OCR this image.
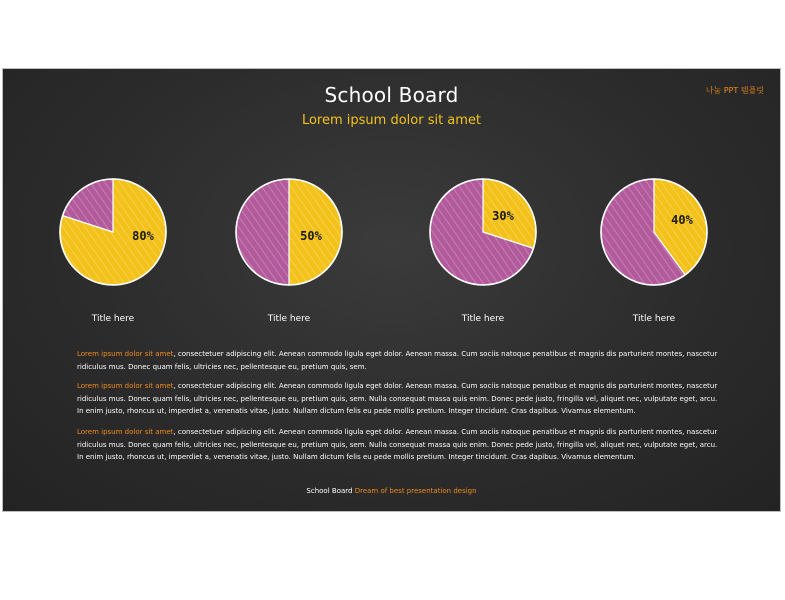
School Board
Lorem ipsum dolor sit amet
나눔 PPT 템플릿
80%	50%
30%	40%
Title here	Title here	Title here	Title here
Lorem ipsum dolor sit amet, consectetuer adipiscing elit. Aenean commodo ligula eget dolor. Aenean massa. Cum sociis natoque penatibus et magnis dis parturient montes, nascetur ridiculus mus. Donec quam felis, ultricies nec, pellentesque eu, pretium quis, sem.
Lorem ipsum dolor sit amet, consectetuer adipiscing elit. Aenean commodo ligula eget dolor. Aenean massa. Cum sociis natoque penatibus et magnis dis parturient montes, nascetur ridiculus mus. Donec quam felis, ultricies nec, pellentesque eu, pretium quis, sem. Nulla consequat massa quis enim. Donec pede justo, fringilla vel, aliquet nec, vulputate eget, arcu. In enim justo, rhoncus ut, imperdiet a, venenatis vitae, justo. Nullam dictum felis eu pede mollis pretium. Integer tincidunt. Cras dapibus. Vivamus elementum.
Lorem ipsum dolor sit amet, consectetuer adipiscing elit. Aenean commodo ligula eget dolor. Aenean massa. Cum sociis natoque penatibus et magnis dis parturient montes, nascetur ridiculus mus. Donec quam felis, ultricies nec, pellentesque eu, pretium quis, sem. Nulla consequat massa quis enim. Donec pede justo, fringilla vel, aliquet nec, vulputate eget, arcu. In enim justo, rhoncus ut, imperdiet a, venenatis vitae, justo. Nullam dictum felis eu pede mollis pretium. Integer tincidunt. Cras dapibus. Vivamus elementum.
School Board Dream of best presentation design
